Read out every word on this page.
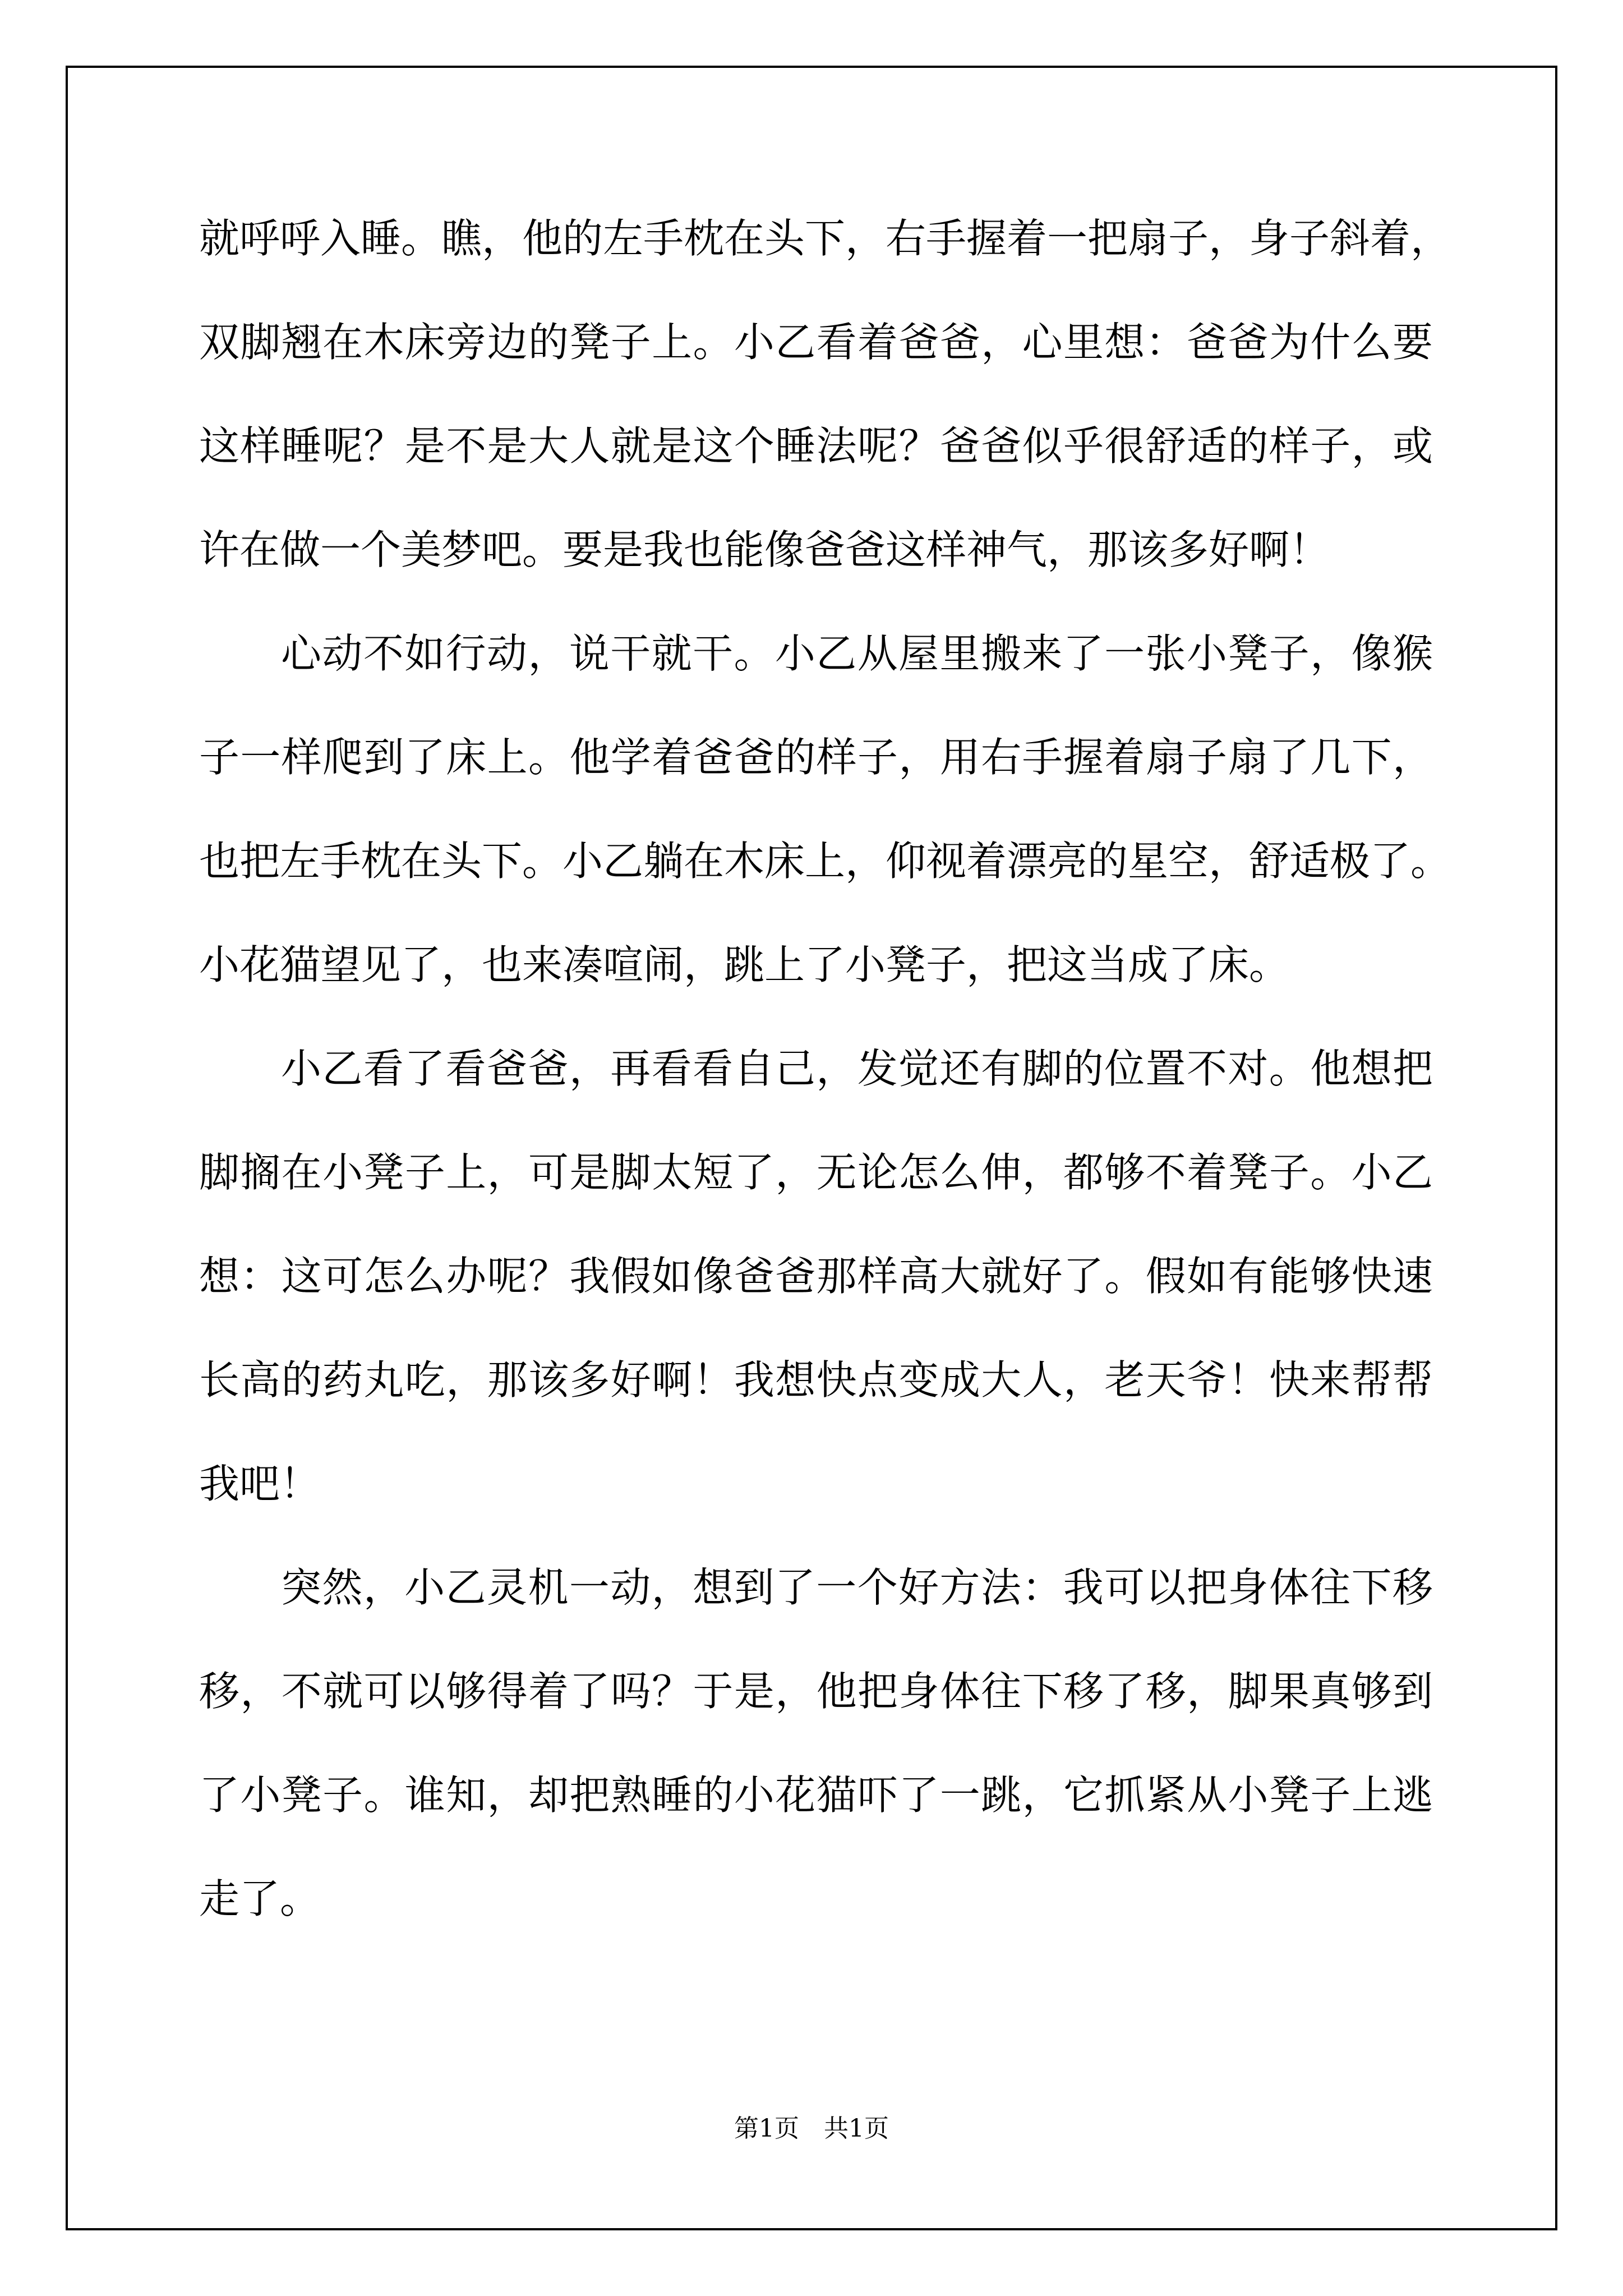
就呼呼入睡。瞧，他的左手枕在头下，右手握着一把扇子，身子斜着，
双脚翘在木床旁边的凳子上。小乙看着爸爸，心里想：爸爸为什么要
这样睡呢？是不是大人就是这个睡法呢？爸爸似乎很舒适的样子，或
许在做一个美梦吧。要是我也能像爸爸这样神气，那该多好啊！
心动不如行动，说干就干。小乙从屋里搬来了一张小凳子，像猴
子一样爬到了床上。他学着爸爸的样子，用右手握着扇子扇了几下，
也把左手枕在头下。小乙躺在木床上，仰视着漂亮的星空，舒适极了。
小花猫望见了，也来凑喧闹，跳上了小凳子，把这当成了床。
小乙看了看爸爸，再看看自己，发觉还有脚的位置不对。他想把
脚搁在小凳子上，可是脚太短了，无论怎么伸，都够不着凳子。小乙
想：这可怎么办呢？我假如像爸爸那样高大就好了。假如有能够快速
长高的药丸吃，那该多好啊！我想快点变成大人，老天爷！快来帮帮
我吧！
突然，小乙灵机一动，想到了一个好方法：我可以把身体往下移
移，不就可以够得着了吗？于是，他把身体往下移了移，脚果真够到
了小凳子。谁知，却把熟睡的小花猫吓了一跳，它抓紧从小凳子上逃
走了。
第1页　共1页
